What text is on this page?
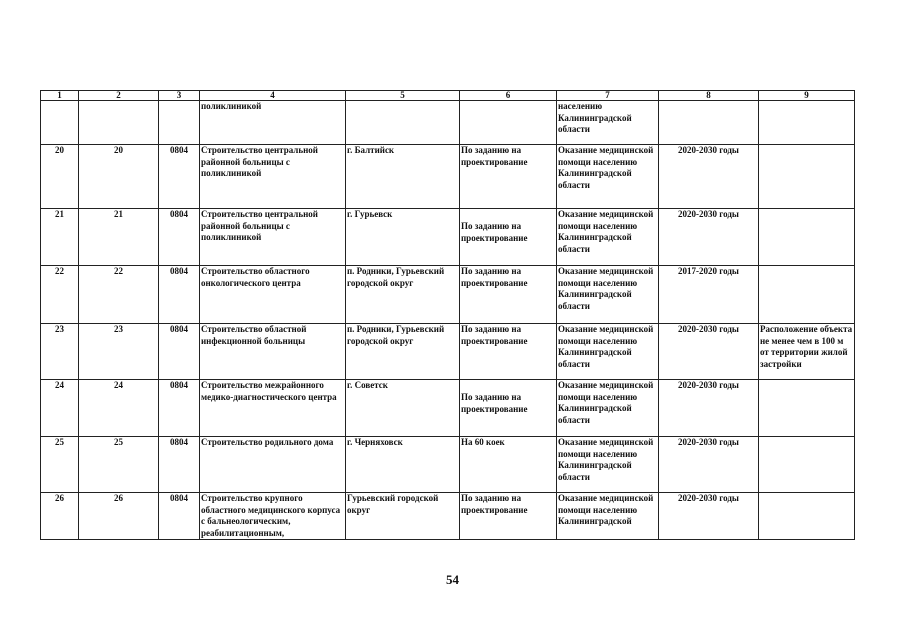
1	2	3	4	5	6	7	8	9
			поликлиникой			населению Калининградской области		
20	20	0804	Строительство центральной районной больницы с поликлиникой	г. Балтийск	По заданию на проектирование	Оказание медицинской помощи населению Калининградской области	2020-2030 годы	
21	21	0804	Строительство центральной районной больницы с поликлиникой	г. Гурьевск	По заданию на проектирование	Оказание медицинской помощи населению Калининградской области	2020-2030 годы	
22	22	0804	Строительство областного онкологического центра	п. Родники, Гурьевский городской округ	По заданию на проектирование	Оказание медицинской помощи населению Калининградской области	2017-2020 годы	
23	23	0804	Строительство областной инфекционной больницы	п. Родники, Гурьевский городской округ	По заданию на проектирование	Оказание медицинской помощи населению Калининградской области	2020-2030 годы	Расположение объекта не менее чем в 100 м от территории жилой застройки
24	24	0804	Строительство межрайонного медико-диагностического центра	г. Советск	По заданию на проектирование	Оказание медицинской помощи населению Калининградской области	2020-2030 годы	
25	25	0804	Строительство родильного дома	г. Черняховск	На 60 коек	Оказание медицинской помощи населению Калининградской области	2020-2030 годы	
26	26	0804	Строительство крупного областного медицинского корпуса с бальнеологическим, реабилитационным,	Гурьевский городской округ	По заданию на проектирование	Оказание медицинской помощи населению Калининградской	2020-2030 годы	
54
